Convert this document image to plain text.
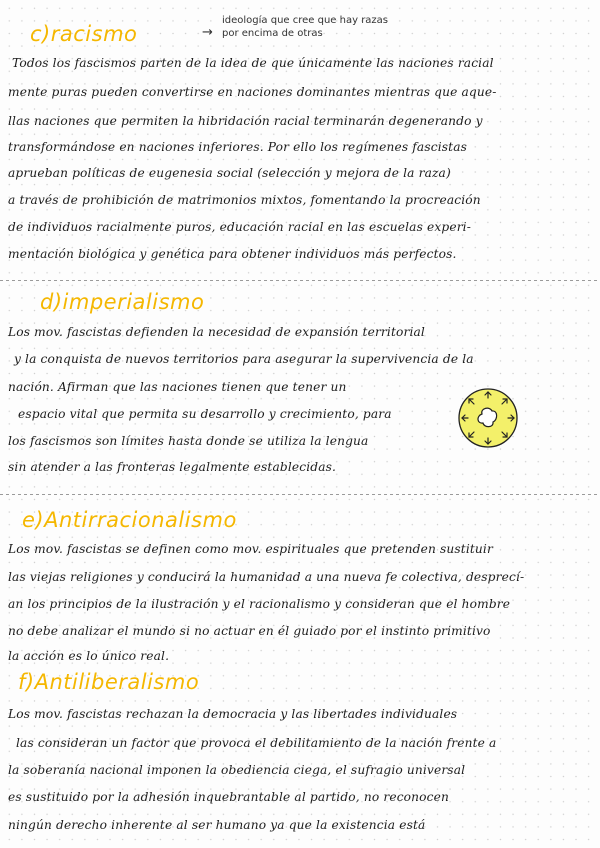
c)racismo	→
ideología que cree que hay razas
por encima de otras
Todos los fascismos parten de la idea de que únicamente las naciones racial
mente puras pueden convertirse en naciones dominantes mientras que aque-
llas naciones que permiten la hibridación racial terminarán degenerando y
transformándose en naciones inferiores. Por ello los regímenes fascistas
aprueban políticas de eugenesia social (selección y mejora de la raza)
a través de prohibición de matrimonios mixtos, fomentando la procreación
de individuos racialmente puros, educación racial en las escuelas experi-
mentación biológica y genética para obtener individuos más perfectos.
d)imperialismo
Los mov. fascistas defienden la necesidad de expansión territorial
y la conquista de nuevos territorios para asegurar la supervivencia de la
nación. Afirman que las naciones tienen que tener un
espacio vital que permita su desarrollo y crecimiento, para
los fascismos son límites hasta donde se utiliza la lengua
sin atender a las fronteras legalmente establecidas.
e)Antirracionalismo
Los mov. fascistas se definen como mov. espirituales que pretenden sustituir
las viejas religiones y conducirá la humanidad a una nueva fe colectiva, desprecí-
an los principios de la ilustración y el racionalismo y consideran que el hombre
no debe analizar el mundo si no actuar en él guiado por el instinto primitivo
la acción es lo único real.
f)Antiliberalismo
Los mov. fascistas rechazan la democracia y las libertades individuales
las consideran un factor que provoca el debilitamiento de la nación frente a
la soberanía nacional imponen la obediencia ciega, el sufragio universal
es sustituido por la adhesión inquebrantable al partido, no reconocen
ningún derecho inherente al ser humano ya que la existencia está
